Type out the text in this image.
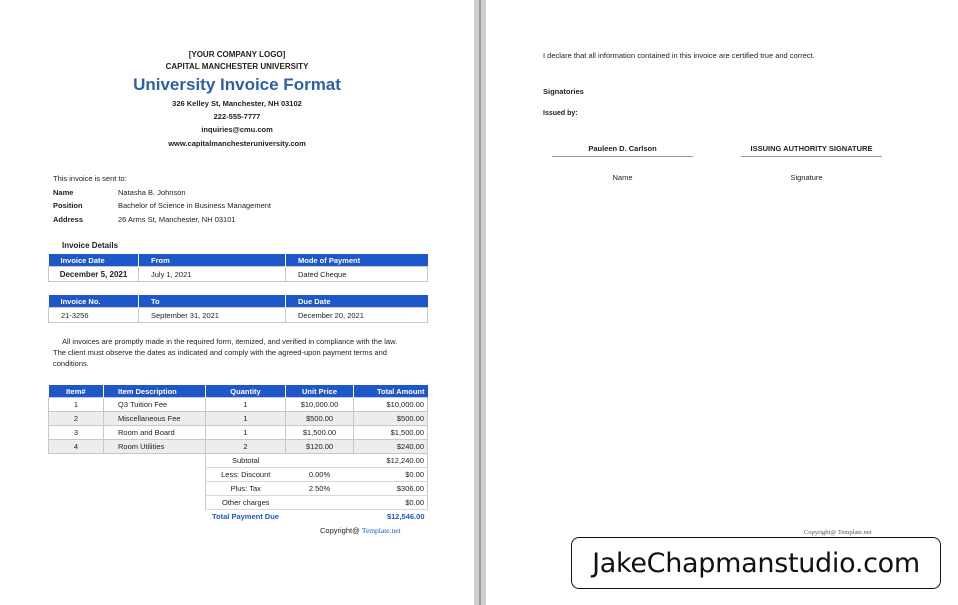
[YOUR COMPANY LOGO]
CAPITAL MANCHESTER UNIVERSITY
University Invoice Format
326 Kelley St, Manchester, NH 03102
222-555-7777
inquiries@cmu.com
www.capitalmanchesteruniversity.com
This invoice is sent to:
Name	Natasha B. Johnson
Position	Bachelor of Science in Business Management
Address	26 Arms St, Manchester, NH 03101
Invoice Details
Invoice Date	From	Mode of Payment
December 5, 2021	July 1, 2021	Dated Cheque
Invoice No.	To	Due Date
21-3256	September 31, 2021	December 20, 2021
All invoices are promptly made in the required form, itemized, and verified in compliance with the law.
The client must observe the dates as indicated and comply with the agreed-upon payment terms and
conditions.
Item#	Item Description	Quantity	Unit Price	Total Amount
1	Q3 Tuition Fee	1	$10,000.00	$10,000.00
2	Miscellaneous Fee	1	$500.00	$500.00
3	Room and Board	1	$1,500.00	$1,500.00
4	Room Utilities	2	$120.00	$240.00
		Subtotal		$12,240.00
		Less: Discount	0.00%	$0.00
		Plus: Tax	2.50%	$306.00
		Other charges		$0.00
		Total Payment Due		$12,546.00
Copyright@ Template.net
I declare that all information contained in this invoice are certified true and correct.
Signatories
Issued by:
Pauleen D. Carlson	ISSUING AUTHORITY SIGNATURE
Name	Signature
Copyright@ Template.net
JakeChapmanstudio.com
